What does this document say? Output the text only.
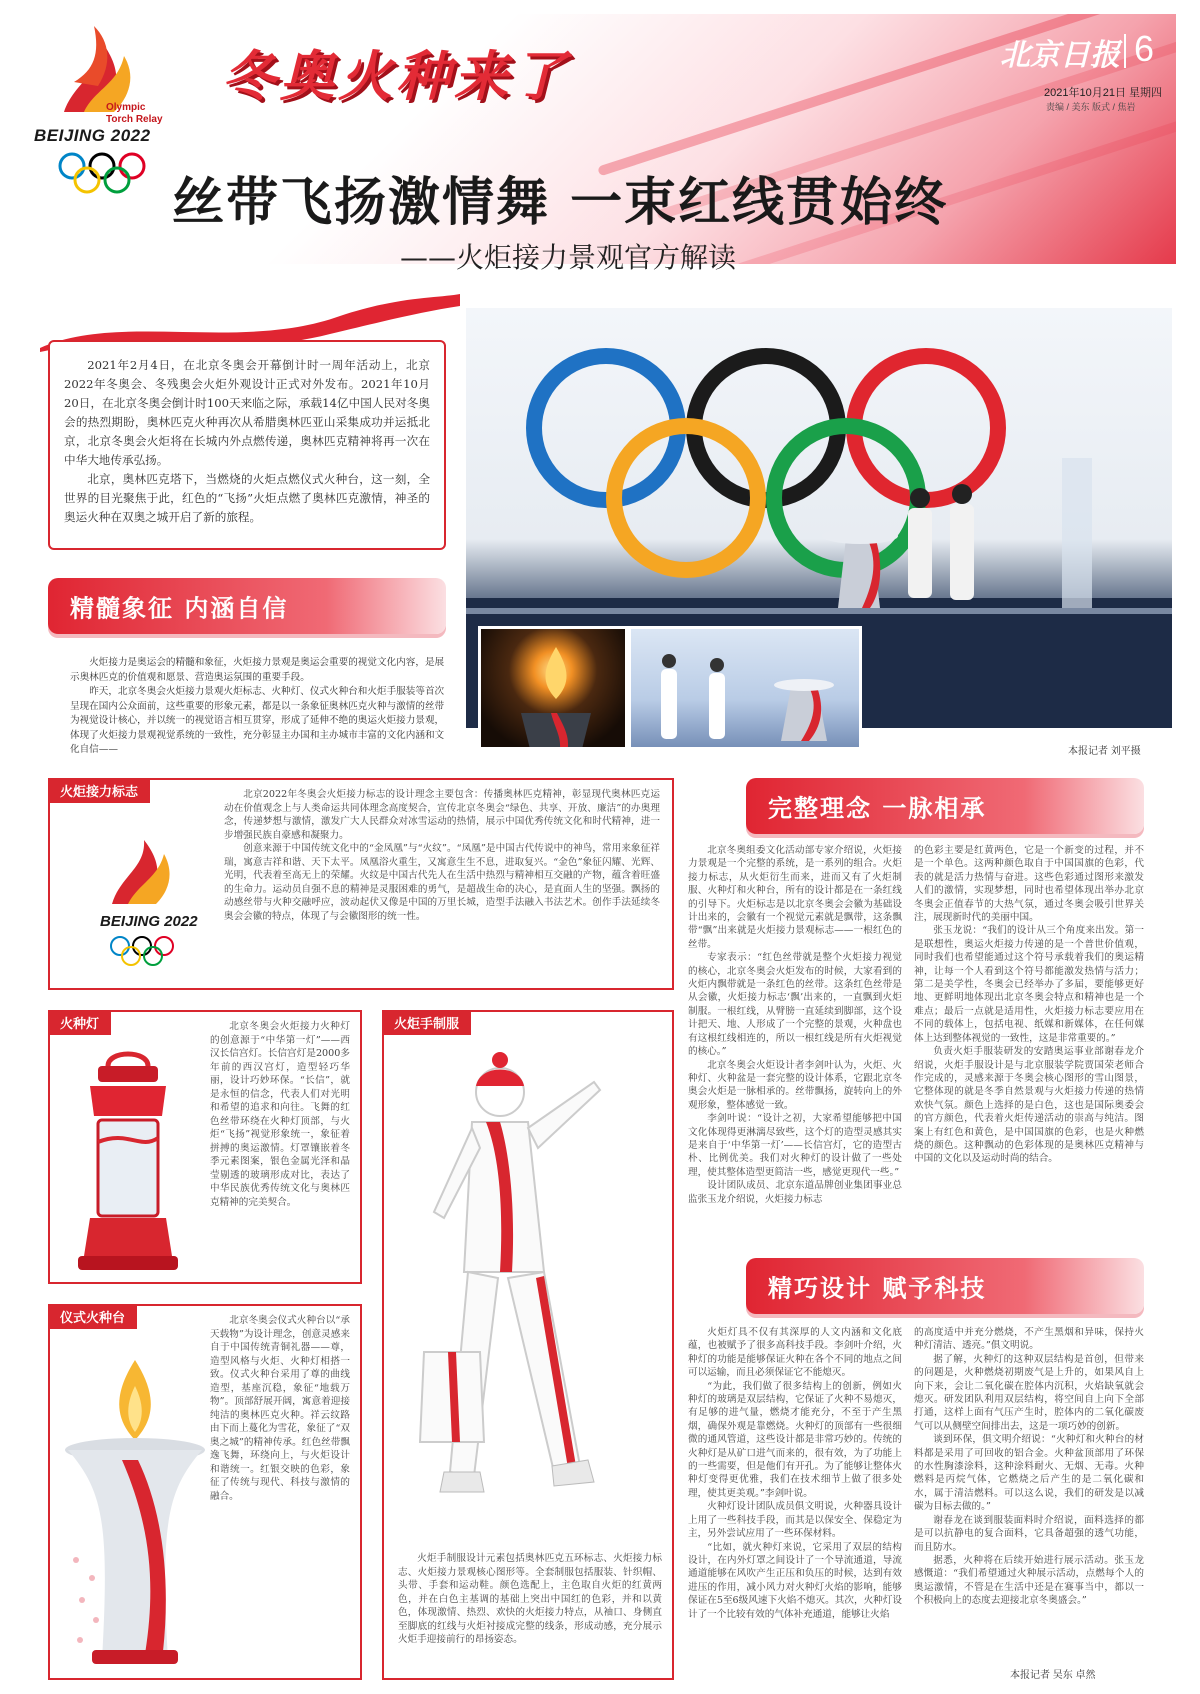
Olympic
Torch Relay
BEIJING 2022
冬奥火种来了	北京日报 6
2021年10月21日 星期四
责编 / 美东 版式 / 焦岩
丝带飞扬激情舞 一束红线贯始终
——火炬接力景观官方解读

2021年2月4日，在北京冬奥会开幕倒计时一周年活动上，北京2022年冬奥会、冬残奥会火炬外观设计正式对外发布。2021年10月20日，在北京冬奥会倒计时100天来临之际，承载14亿中国人民对冬奥会的热烈期盼，奥林匹克火种再次从希腊奥林匹亚山采集成功并运抵北京，北京冬奥会火炬将在长城内外点燃传递，奥林匹克精神将再一次在中华大地传承弘扬。

北京，奥林匹克塔下，当燃烧的火炬点燃仪式火种台，这一刻，全世界的目光聚焦于此，红色的“飞扬”火炬点燃了奥林匹克激情，神圣的奥运火种在双奥之城开启了新的旅程。

本报记者 刘平摄
精髓象征 内涵自信

火炬接力是奥运会的精髓和象征，火炬接力景观是奥运会重要的视觉文化内容，是展示奥林匹克的价值观和愿景、营造奥运氛围的重要手段。

昨天，北京冬奥会火炬接力景观火炬标志、火种灯、仪式火种台和火炬手服装等首次呈现在国内公众面前，这些重要的形象元素，都是以一条象征奥林匹克火种与激情的丝带为视觉设计核心，并以统一的视觉语言相互贯穿，形成了延伸不绝的奥运火炬接力景观，体现了火炬接力景观视觉系统的一致性，充分彰显主办国和主办城市丰富的文化内涵和文化自信——

火炬接力标志
BEIJING 2022

北京2022年冬奥会火炬接力标志的设计理念主要包含：传播奥林匹克精神，彰显现代奥林匹克运动在价值观念上与人类命运共同体理念高度契合，宣传北京冬奥会“绿色、共享、开放、廉洁”的办奥理念，传递梦想与激情，激发广大人民群众对冰雪运动的热情，展示中国优秀传统文化和时代精神，进一步增强民族自豪感和凝聚力。

创意来源于中国传统文化中的“金凤凰”与“火纹”。“凤凰”是中国古代传说中的神鸟，常用来象征祥瑞，寓意吉祥和谐、天下太平。凤凰浴火重生，又寓意生生不息，进取复兴。“金色”象征闪耀、光辉、光明，代表着至高无上的荣耀。火纹是中国古代先人在生活中热烈与精神相互交融的产物，蕴含着旺盛的生命力。运动员自强不息的精神是灵服困难的勇气，是超战生命的决心，是直面人生的坚强。飘扬的动感丝带与火种交融呼应，波动起伏又像是中国的万里长城，造型手法融入书法艺术。创作手法延续冬奥会会徽的特点，体现了与会徽图形的统一性。

火种灯	北京冬奥会火炬接力火种灯的创意源于“中华第一灯”——西汉长信宫灯。长信宫灯是2000多年前的西汉宫灯，造型轻巧华丽，设计巧妙环保。“长信”，就是永恒的信念，代表人们对光明和希望的追求和向往。飞舞的红色丝带环绕在火种灯顶部，与火炬“飞扬”视觉形象统一，象征着拼搏的奥运激情。灯罩镶嵌着冬季元素图案，银色金属光泽和晶莹剔透的玻璃形成对比，表达了中华民族优秀传统文化与奥林匹克精神的完美契合。

仪式火种台	北京冬奥会仪式火种台以“承天载物”为设计理念，创意灵感来自于中国传统青铜礼器——尊，造型风格与火炬、火种灯相搭一致。仪式火种台采用了尊的曲线造型，基座沉稳，象征“地载万物”。顶部舒展开阔，寓意着迎接纯洁的奥林匹克火种。祥云纹路由下而上蔓化为雪花，象征了“双奥之城”的精神传承。红色丝带飘逸飞舞，环绕向上，与火炬设计和谐统一。红银交映的色彩，象征了传统与现代、科技与激情的融合。

火炬手制服

火炬手制服设计元素包括奥林匹克五环标志、火炬接力标志、火炬接力景观核心图形等。全套制服包括服装、针织帽、头带、手套和运动鞋。颜色选配上，主色取自火炬的红黄两色，并在白色主基调的基础上突出中国红的色彩，并和以黄色，体现激情、热烈、欢快的火炬接力特点，从袖口、身侧直至脚底的红线与火炬衬接成完整的线条，形成动感，充分展示火炬手迎接前行的昂扬姿态。

完整理念 一脉相承

北京冬奥组委文化活动部专家介绍说，火炬接力景观是一个完整的系统，是一系列的组合。火炬接力标志，从火炬衍生而来，进而又有了火炬制服、火种灯和火种台，所有的设计都是在一条红线的引导下。火炬标志是以北京冬奥会会徽为基础设计出来的，会徽有一个视觉元素就是飘带，这条飘带“飘”出来就是火炬接力景观标志——一根红色的丝带。

专家表示：“红色丝带就是整个火炬接力视觉的核心，北京冬奥会火炬发布的时候，大家看到的火炬内飘带就是一条红色的丝带。这条红色丝带是从会徽，火炬接力标志‘飘’出来的，一直飘到火炬制服。一根红线，从臂膀一直延续到脚部，这个设计把天、地、人形成了一个完整的景观，火种盘也有这根红线相连的，所以一根红线是所有火炬视觉的核心。”

北京冬奥会火炬设计者李剑叶认为，火炬、火种灯、火种盆是一套完整的设计体系，它跟北京冬奥会火炬是一脉相承的。丝带飘扬，旋转向上的外观形象，整体感觉一致。

李剑叶说：“设计之初，大家希望能够把中国文化体现得更淋漓尽致些，这个灯的造型灵感其实是来自于‘中华第一灯’——长信宫灯，它的造型古朴、比例优美。我们对火种灯的设计做了一些处理，使其整体造型更简洁一些，感觉更现代一些。”

设计团队成员、北京东道品牌创业集团事业总监张玉龙介绍说，火炬接力标志

的色彩主要是红黄两色，它是一个新变的过程，并不是一个单色。这两种颜色取自于中国国旗的色彩，代表的就是活力热情与奋进。这些色彩通过图形来激发人们的激情，实现梦想，同时也希望体现出举办北京冬奥会正值春节的大热气氛，通过冬奥会吸引世界关注，展现新时代的美丽中国。

张玉龙说：“我们的设计从三个角度来出发。第一是联想性，奥运火炬接力传递的是一个普世价值观，同时我们也希望能通过这个符号承载着我们的奥运精神，让每一个人看到这个符号都能激发热情与活力；第二是美学性，冬奥会已经举办了多届，要能够更好地、更鲜明地体现出北京冬奥会特点和精神也是一个难点；最后一点就是适用性，火炬接力标志要应用在不同的载体上，包括电视、纸媒和新媒体，在任何媒体上达到整体视觉的一致性，这是非常重要的。”

负责火炬手服装研发的安踏奥运事业部谢春龙介绍说，火炬手服设计是与北京服装学院贾国荣老师合作完成的，灵感来源于冬奥会核心图形的雪山图景，它整体现的就是冬季自然景观与火炬接力传递的热情欢快气氛。颜色上选择的是白色，这也是国际奥委会的官方颜色，代表着火炬传递活动的崇高与纯洁。图案上有红色和黄色，是中国国旗的色彩，也是火种燃烧的颜色。这种飘动的色彩体现的是奥林匹克精神与中国的文化以及运动时尚的结合。

精巧设计 赋予科技

火炬灯具不仅有其深厚的人文内涵和文化底蕴，也被赋予了很多高科技手段。李剑叶介绍，火种灯的功能是能够保证火种在各个不同的地点之间可以运输，而且必须保证它不能熄灭。

“为此，我们做了很多结构上的创新，例如火种灯的玻璃是双层结构，它保证了火种不易熄灭，有足够的进气量，燃烧才能充分，不至于产生黑烟，确保外观是靠燃烧。火种灯的顶部有一些很细微的通风管道，这些设计都是非常巧妙的。传统的火种灯是从矿口进气而来的，很有效，为了功能上的一些需要，但是他们有开孔。为了能够让整体火种灯变得更优雅，我们在技术细节上做了很多处理，使其更美观。”李剑叶说。

火种灯设计团队成员俱文明说，火种器具设计上用了一些科技手段，而其是以保安全、保稳定为主，另外尝试应用了一些环保材料。

“比如，就火种灯来说，它采用了双层的结构设计，在内外灯罩之间设计了一个导流通道，导流通道能够在风吹产生正压和负压的时候，达到有效进压的作用，减小风力对火种灯火焰的影响，能够保证在5至6级风速下火焰不熄灭。其次，火种灯设计了一个比较有效的气体补充通道，能够让火焰

的高度适中并充分燃烧，不产生黑烟和异味，保持火种灯清洁、透亮。”俱文明说。

据了解，火种灯的这种双层结构是首创，但带来的问题是，火种燃烧初期废气是上升的，如果风自上向下来，会让二氧化碳在腔体内沉积，火焰缺氧就会熄灭。研发团队利用双层结构，将空间自上向下全部打通，这样上面有气压产生时，腔体内的二氧化碳废气可以从侧壁空间排出去，这是一项巧妙的创新。

谈到环保，俱文明介绍说：“火种灯和火种台的材料都是采用了可回收的铝合金。火种盆顶部用了环保的水性胸漆涂料，这种涂料耐火、无烟、无毒。火种燃料是丙烷气体，它燃烧之后产生的是二氧化碳和水，属于清洁燃料。可以这么说，我们的研发是以减碳为目标去做的。”

谢春龙在谈到服装面料时介绍说，面料选择的都是可以抗静电的复合面料，它具备超强的透气功能，而且防水。

据悉，火种将在后续开始进行展示活动。张玉龙感慨道：“我们希望通过火种展示活动，点燃每个人的奥运激情，不管是在生活中还是在赛事当中，都以一个积极向上的态度去迎接北京冬奥盛会。”

本报记者 吴东 卓然
